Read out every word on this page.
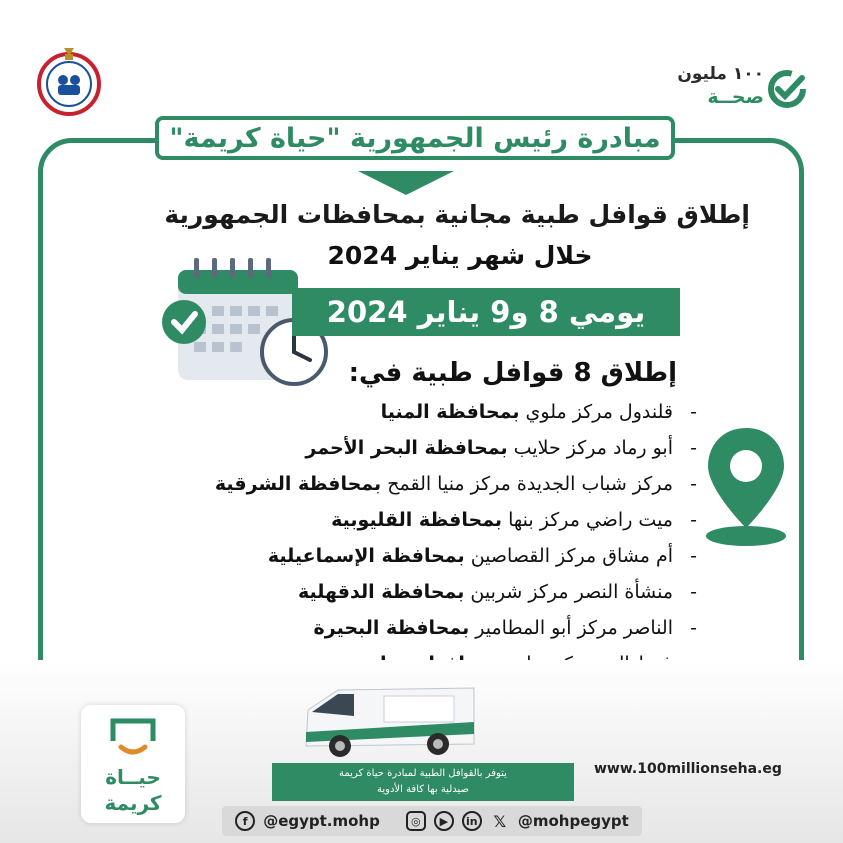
١٠٠ مليون
صحــة
مبادرة رئيس الجمهورية "حياة كريمة"
إطلاق قوافل طبية مجانية بمحافظات الجمهورية
خلال شهر يناير 2024
يومي 8 و9 يناير 2024
إطلاق 8 قوافل طبية في:
-قلندول مركز ملوي بمحافظة المنيا
-أبو رماد مركز حلايب بمحافظة البحر الأحمر
-مركز شباب الجديدة مركز منيا القمح بمحافظة الشرقية
-ميت راضي مركز بنها بمحافظة القليوبية
-أم مشاق مركز القصاصين بمحافظة الإسماعيلية
-منشأة النصر مركز شربين بمحافظة الدقهلية
-الناصر مركز أبو المطامير بمحافظة البحيرة
حيــاة
كريمة
يتوفر بالقوافل الطبية لمبادرة حياة كريمة
صيدلية بها كافة الأدوية
www.100millionseha.eg
f	@egypt.mohp	◎	▶	in 𝕏 @mohpegypt
